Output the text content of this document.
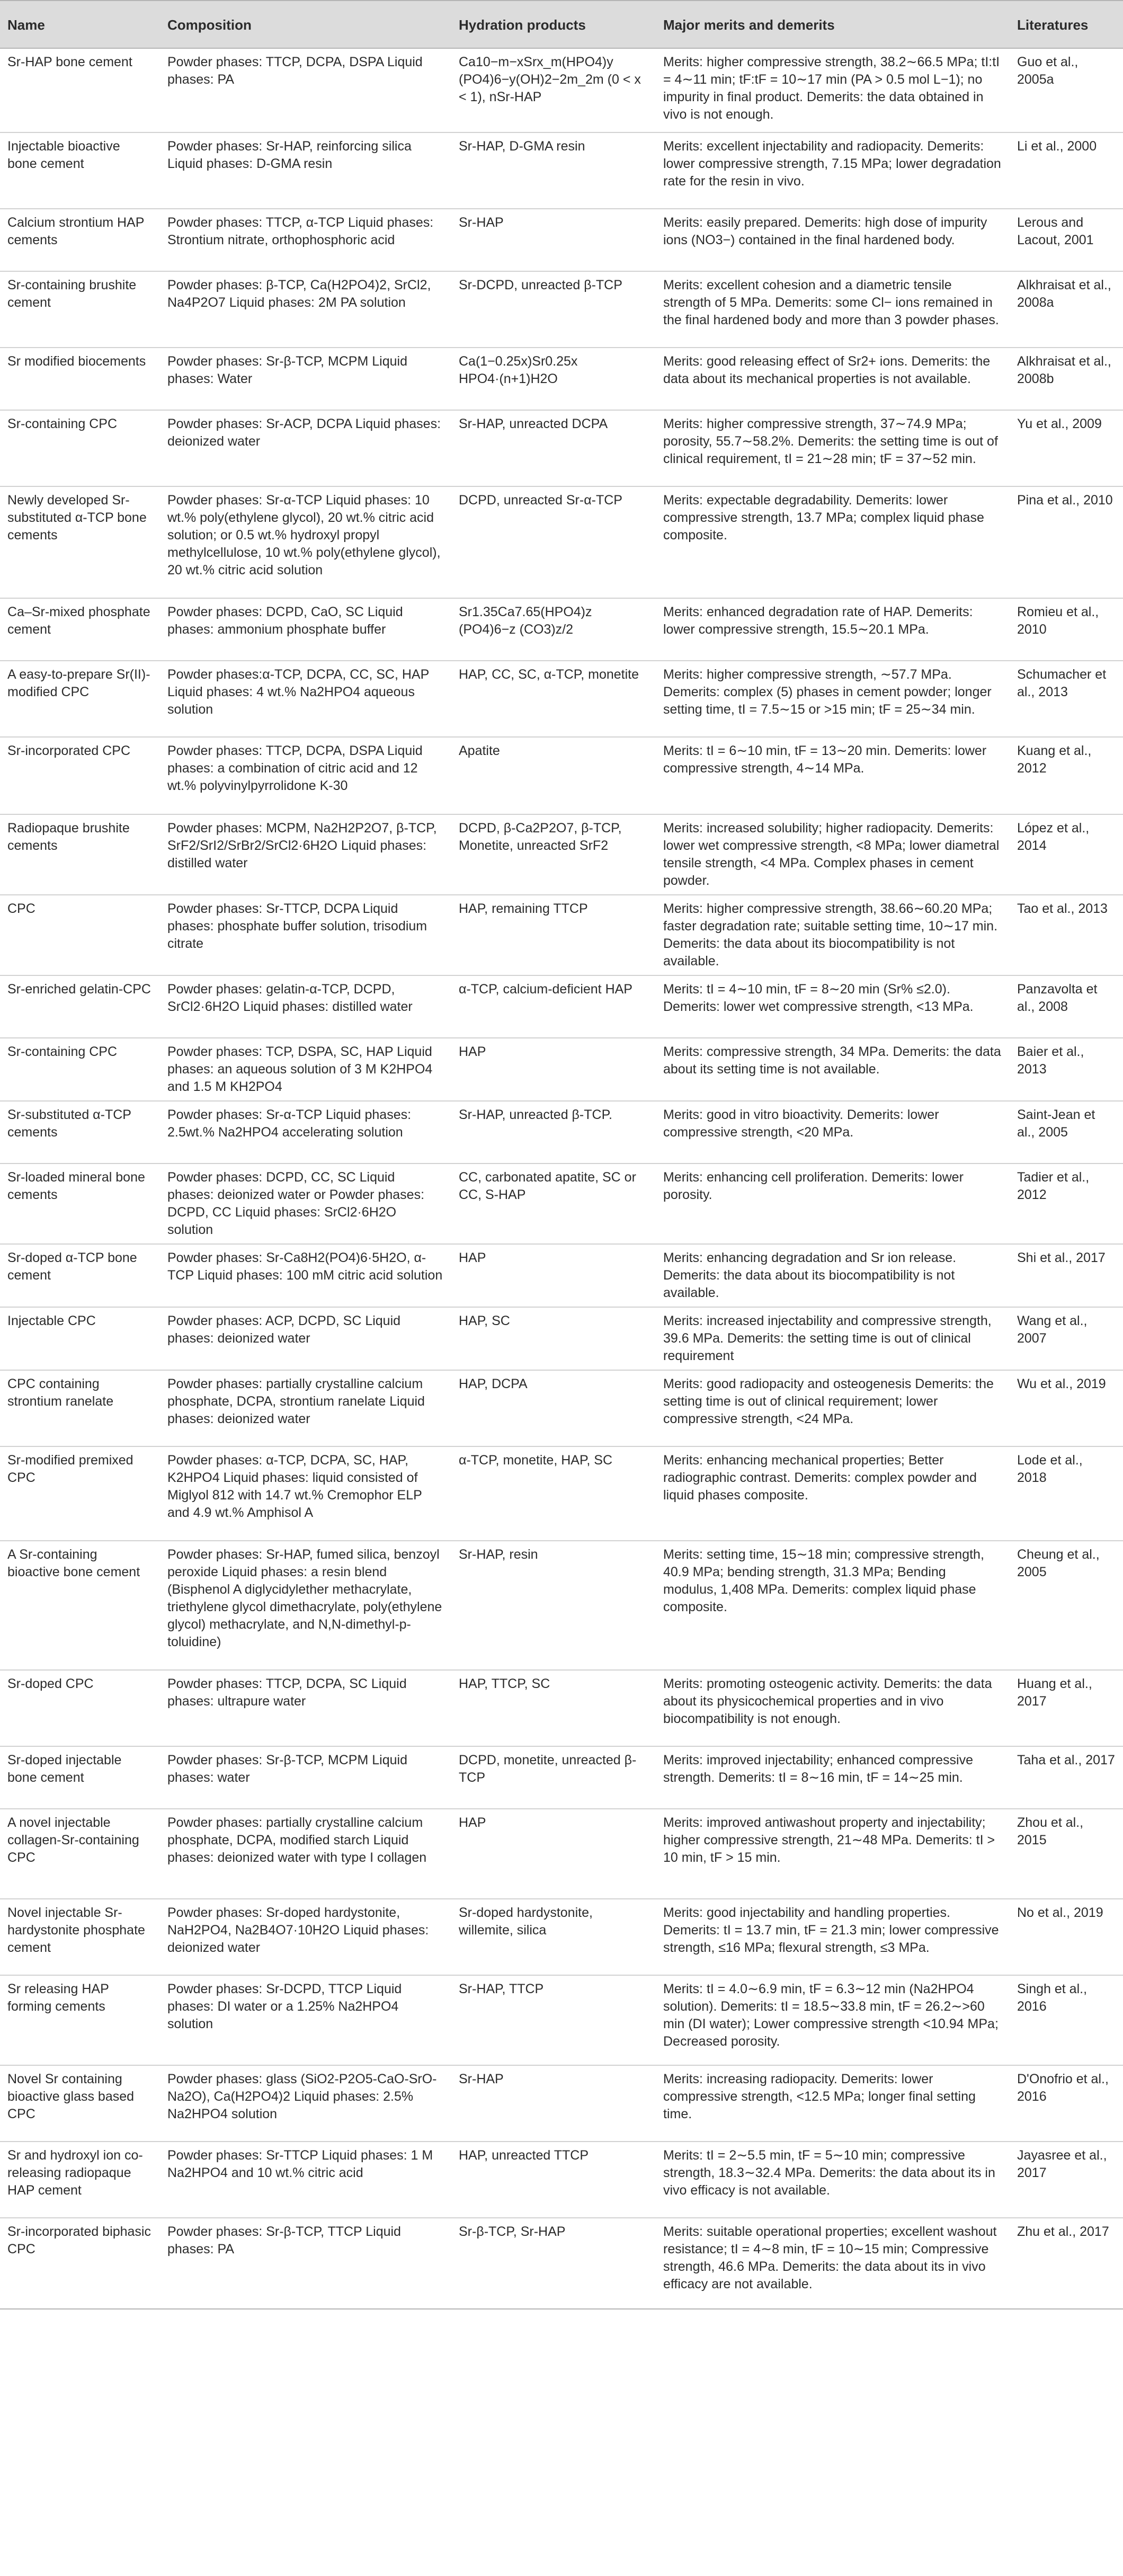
Name	Composition	Hydration products	Major merits and demerits	Literatures

Sr-HAP bone cement	Powder phases: TTCP, DCPA, DSPA Liquid phases: PA	Ca10−m−xSrx_m(HPO4)y (PO4)6−y(OH)2−2m_2m (0 < x < 1), nSr-HAP	Merits: higher compressive strength, 38.2∼66.5 MPa; tI:tI = 4∼11 min; tF:tF = 10∼17 min (PA > 0.5 mol L−1); no impurity in final product. Demerits: the data obtained in vivo is not enough.	Guo et al., 2005a

Injectable bioactive bone cement	Powder phases: Sr-HAP, reinforcing silica Liquid phases: D-GMA resin	Sr-HAP, D-GMA resin	Merits: excellent injectability and radiopacity. Demerits: lower compressive strength, 7.15 MPa; lower degradation rate for the resin in vivo.	Li et al., 2000

Calcium strontium HAP cements	Powder phases: TTCP, α-TCP Liquid phases: Strontium nitrate, orthophosphoric acid	Sr-HAP	Merits: easily prepared. Demerits: high dose of impurity ions (NO3−) contained in the final hardened body.	Lerous and Lacout, 2001

Sr-containing brushite cement	Powder phases: β-TCP, Ca(H2PO4)2, SrCl2, Na4P2O7 Liquid phases: 2M PA solution	Sr-DCPD, unreacted β-TCP	Merits: excellent cohesion and a diametric tensile strength of 5 MPa. Demerits: some Cl− ions remained in the final hardened body and more than 3 powder phases.	Alkhraisat et al., 2008a

Sr modified biocements	Powder phases: Sr-β-TCP, MCPM Liquid phases: Water	Ca(1−0.25x)Sr0.25x HPO4·(n+1)H2O	Merits: good releasing effect of Sr2+ ions. Demerits: the data about its mechanical properties is not available.	Alkhraisat et al., 2008b

Sr-containing CPC	Powder phases: Sr-ACP, DCPA Liquid phases: deionized water	Sr-HAP, unreacted DCPA	Merits: higher compressive strength, 37∼74.9 MPa; porosity, 55.7∼58.2%. Demerits: the setting time is out of clinical requirement, tI = 21∼28 min; tF = 37∼52 min.	Yu et al., 2009

Newly developed Sr-substituted α-TCP bone cements	Powder phases: Sr-α-TCP Liquid phases: 10 wt.% poly(ethylene glycol), 20 wt.% citric acid solution; or 0.5 wt.% hydroxyl propyl methylcellulose, 10 wt.% poly(ethylene glycol), 20 wt.% citric acid solution	DCPD, unreacted Sr-α-TCP	Merits: expectable degradability. Demerits: lower compressive strength, 13.7 MPa; complex liquid phase composite.	Pina et al., 2010

Ca–Sr-mixed phosphate cement	Powder phases: DCPD, CaO, SC Liquid phases: ammonium phosphate buffer	Sr1.35Ca7.65(HPO4)z (PO4)6−z (CO3)z/2	Merits: enhanced degradation rate of HAP. Demerits: lower compressive strength, 15.5∼20.1 MPa.	Romieu et al., 2010

A easy-to-prepare Sr(II)-modified CPC	Powder phases:α-TCP, DCPA, CC, SC, HAP Liquid phases: 4 wt.% Na2HPO4 aqueous solution	HAP, CC, SC, α-TCP, monetite	Merits: higher compressive strength, ∼57.7 MPa. Demerits: complex (5) phases in cement powder; longer setting time, tI = 7.5∼15 or >15 min; tF = 25∼34 min.	Schumacher et al., 2013

Sr-incorporated CPC	Powder phases: TTCP, DCPA, DSPA Liquid phases: a combination of citric acid and 12 wt.% polyvinylpyrrolidone K-30	Apatite	Merits: tI = 6∼10 min, tF = 13∼20 min. Demerits: lower compressive strength, 4∼14 MPa.	Kuang et al., 2012

Radiopaque brushite cements	Powder phases: MCPM, Na2H2P2O7, β-TCP, SrF2/SrI2/SrBr2/SrCl2·6H2O Liquid phases: distilled water	DCPD, β-Ca2P2O7, β-TCP, Monetite, unreacted SrF2	Merits: increased solubility; higher radiopacity. Demerits: lower wet compressive strength, <8 MPa; lower diametral tensile strength, <4 MPa. Complex phases in cement powder.	López et al., 2014

CPC	Powder phases: Sr-TTCP, DCPA Liquid phases: phosphate buffer solution, trisodium citrate	HAP, remaining TTCP	Merits: higher compressive strength, 38.66∼60.20 MPa; faster degradation rate; suitable setting time, 10∼17 min. Demerits: the data about its biocompatibility is not available.	Tao et al., 2013

Sr-enriched gelatin-CPC	Powder phases: gelatin-α-TCP, DCPD, SrCl2·6H2O Liquid phases: distilled water	α-TCP, calcium-deficient HAP	Merits: tI = 4∼10 min, tF = 8∼20 min (Sr% ≤2.0). Demerits: lower wet compressive strength, <13 MPa.	Panzavolta et al., 2008

Sr-containing CPC	Powder phases: TCP, DSPA, SC, HAP Liquid phases: an aqueous solution of 3 M K2HPO4 and 1.5 M KH2PO4	HAP	Merits: compressive strength, 34 MPa. Demerits: the data about its setting time is not available.	Baier et al., 2013

Sr-substituted α-TCP cements	Powder phases: Sr-α-TCP Liquid phases: 2.5wt.% Na2HPO4 accelerating solution	Sr-HAP, unreacted β-TCP.	Merits: good in vitro bioactivity. Demerits: lower compressive strength, <20 MPa.	Saint-Jean et al., 2005

Sr-loaded mineral bone cements	Powder phases: DCPD, CC, SC Liquid phases: deionized water or Powder phases: DCPD, CC Liquid phases: SrCl2·6H2O solution	CC, carbonated apatite, SC or CC, S-HAP	Merits: enhancing cell proliferation. Demerits: lower porosity.	Tadier et al., 2012

Sr-doped α-TCP bone cement	Powder phases: Sr-Ca8H2(PO4)6·5H2O, α-TCP Liquid phases: 100 mM citric acid solution	HAP	Merits: enhancing degradation and Sr ion release. Demerits: the data about its biocompatibility is not available.	Shi et al., 2017

Injectable CPC	Powder phases: ACP, DCPD, SC Liquid phases: deionized water	HAP, SC	Merits: increased injectability and compressive strength, 39.6 MPa. Demerits: the setting time is out of clinical requirement	Wang et al., 2007

CPC containing strontium ranelate	Powder phases: partially crystalline calcium phosphate, DCPA, strontium ranelate Liquid phases: deionized water	HAP, DCPA	Merits: good radiopacity and osteogenesis Demerits: the setting time is out of clinical requirement; lower compressive strength, <24 MPa.	Wu et al., 2019

Sr-modified premixed CPC	Powder phases: α-TCP, DCPA, SC, HAP, K2HPO4 Liquid phases: liquid consisted of Miglyol 812 with 14.7 wt.% Cremophor ELP and 4.9 wt.% Amphisol A	α-TCP, monetite, HAP, SC	Merits: enhancing mechanical properties; Better radiographic contrast. Demerits: complex powder and liquid phases composite.	Lode et al., 2018

A Sr-containing bioactive bone cement	Powder phases: Sr-HAP, fumed silica, benzoyl peroxide Liquid phases: a resin blend (Bisphenol A diglycidylether methacrylate, triethylene glycol dimethacrylate, poly(ethylene glycol) methacrylate, and N,N-dimethyl-p-toluidine)	Sr-HAP, resin	Merits: setting time, 15∼18 min; compressive strength, 40.9 MPa; bending strength, 31.3 MPa; Bending modulus, 1,408 MPa. Demerits: complex liquid phase composite.	Cheung et al., 2005

Sr-doped CPC	Powder phases: TTCP, DCPA, SC Liquid phases: ultrapure water	HAP, TTCP, SC	Merits: promoting osteogenic activity. Demerits: the data about its physicochemical properties and in vivo biocompatibility is not enough.	Huang et al., 2017

Sr-doped injectable bone cement	Powder phases: Sr-β-TCP, MCPM Liquid phases: water	DCPD, monetite, unreacted β-TCP	Merits: improved injectability; enhanced compressive strength. Demerits: tI = 8∼16 min, tF = 14∼25 min.	Taha et al., 2017

A novel injectable collagen-Sr-containing CPC	Powder phases: partially crystalline calcium phosphate, DCPA, modified starch Liquid phases: deionized water with type I collagen	HAP	Merits: improved antiwashout property and injectability; higher compressive strength, 21∼48 MPa. Demerits: tI > 10 min, tF > 15 min.	Zhou et al., 2015

Novel injectable Sr-hardystonite phosphate cement	Powder phases: Sr-doped hardystonite, NaH2PO4, Na2B4O7·10H2O Liquid phases: deionized water	Sr-doped hardystonite, willemite, silica	Merits: good injectability and handling properties. Demerits: tI = 13.7 min, tF = 21.3 min; lower compressive strength, ≤16 MPa; flexural strength, ≤3 MPa.	No et al., 2019

Sr releasing HAP forming cements	Powder phases: Sr-DCPD, TTCP Liquid phases: DI water or a 1.25% Na2HPO4 solution	Sr-HAP, TTCP	Merits: tI = 4.0∼6.9 min, tF = 6.3∼12 min (Na2HPO4 solution). Demerits: tI = 18.5∼33.8 min, tF = 26.2∼>60 min (DI water); Lower compressive strength <10.94 MPa; Decreased porosity.	Singh et al., 2016

Novel Sr containing bioactive glass based CPC	Powder phases: glass (SiO2-P2O5-CaO-SrO-Na2O), Ca(H2PO4)2 Liquid phases: 2.5% Na2HPO4 solution	Sr-HAP	Merits: increasing radiopacity. Demerits: lower compressive strength, <12.5 MPa; longer final setting time.	D'Onofrio et al., 2016

Sr and hydroxyl ion co-releasing radiopaque HAP cement	Powder phases: Sr-TTCP Liquid phases: 1 M Na2HPO4 and 10 wt.% citric acid	HAP, unreacted TTCP	Merits: tI = 2∼5.5 min, tF = 5∼10 min; compressive strength, 18.3∼32.4 MPa. Demerits: the data about its in vivo efficacy is not available.	Jayasree et al., 2017

Sr-incorporated biphasic CPC	Powder phases: Sr-β-TCP, TTCP Liquid phases: PA	Sr-β-TCP, Sr-HAP	Merits: suitable operational properties; excellent washout resistance; tI = 4∼8 min, tF = 10∼15 min; Compressive strength, 46.6 MPa. Demerits: the data about its in vivo efficacy are not available.	Zhu et al., 2017
